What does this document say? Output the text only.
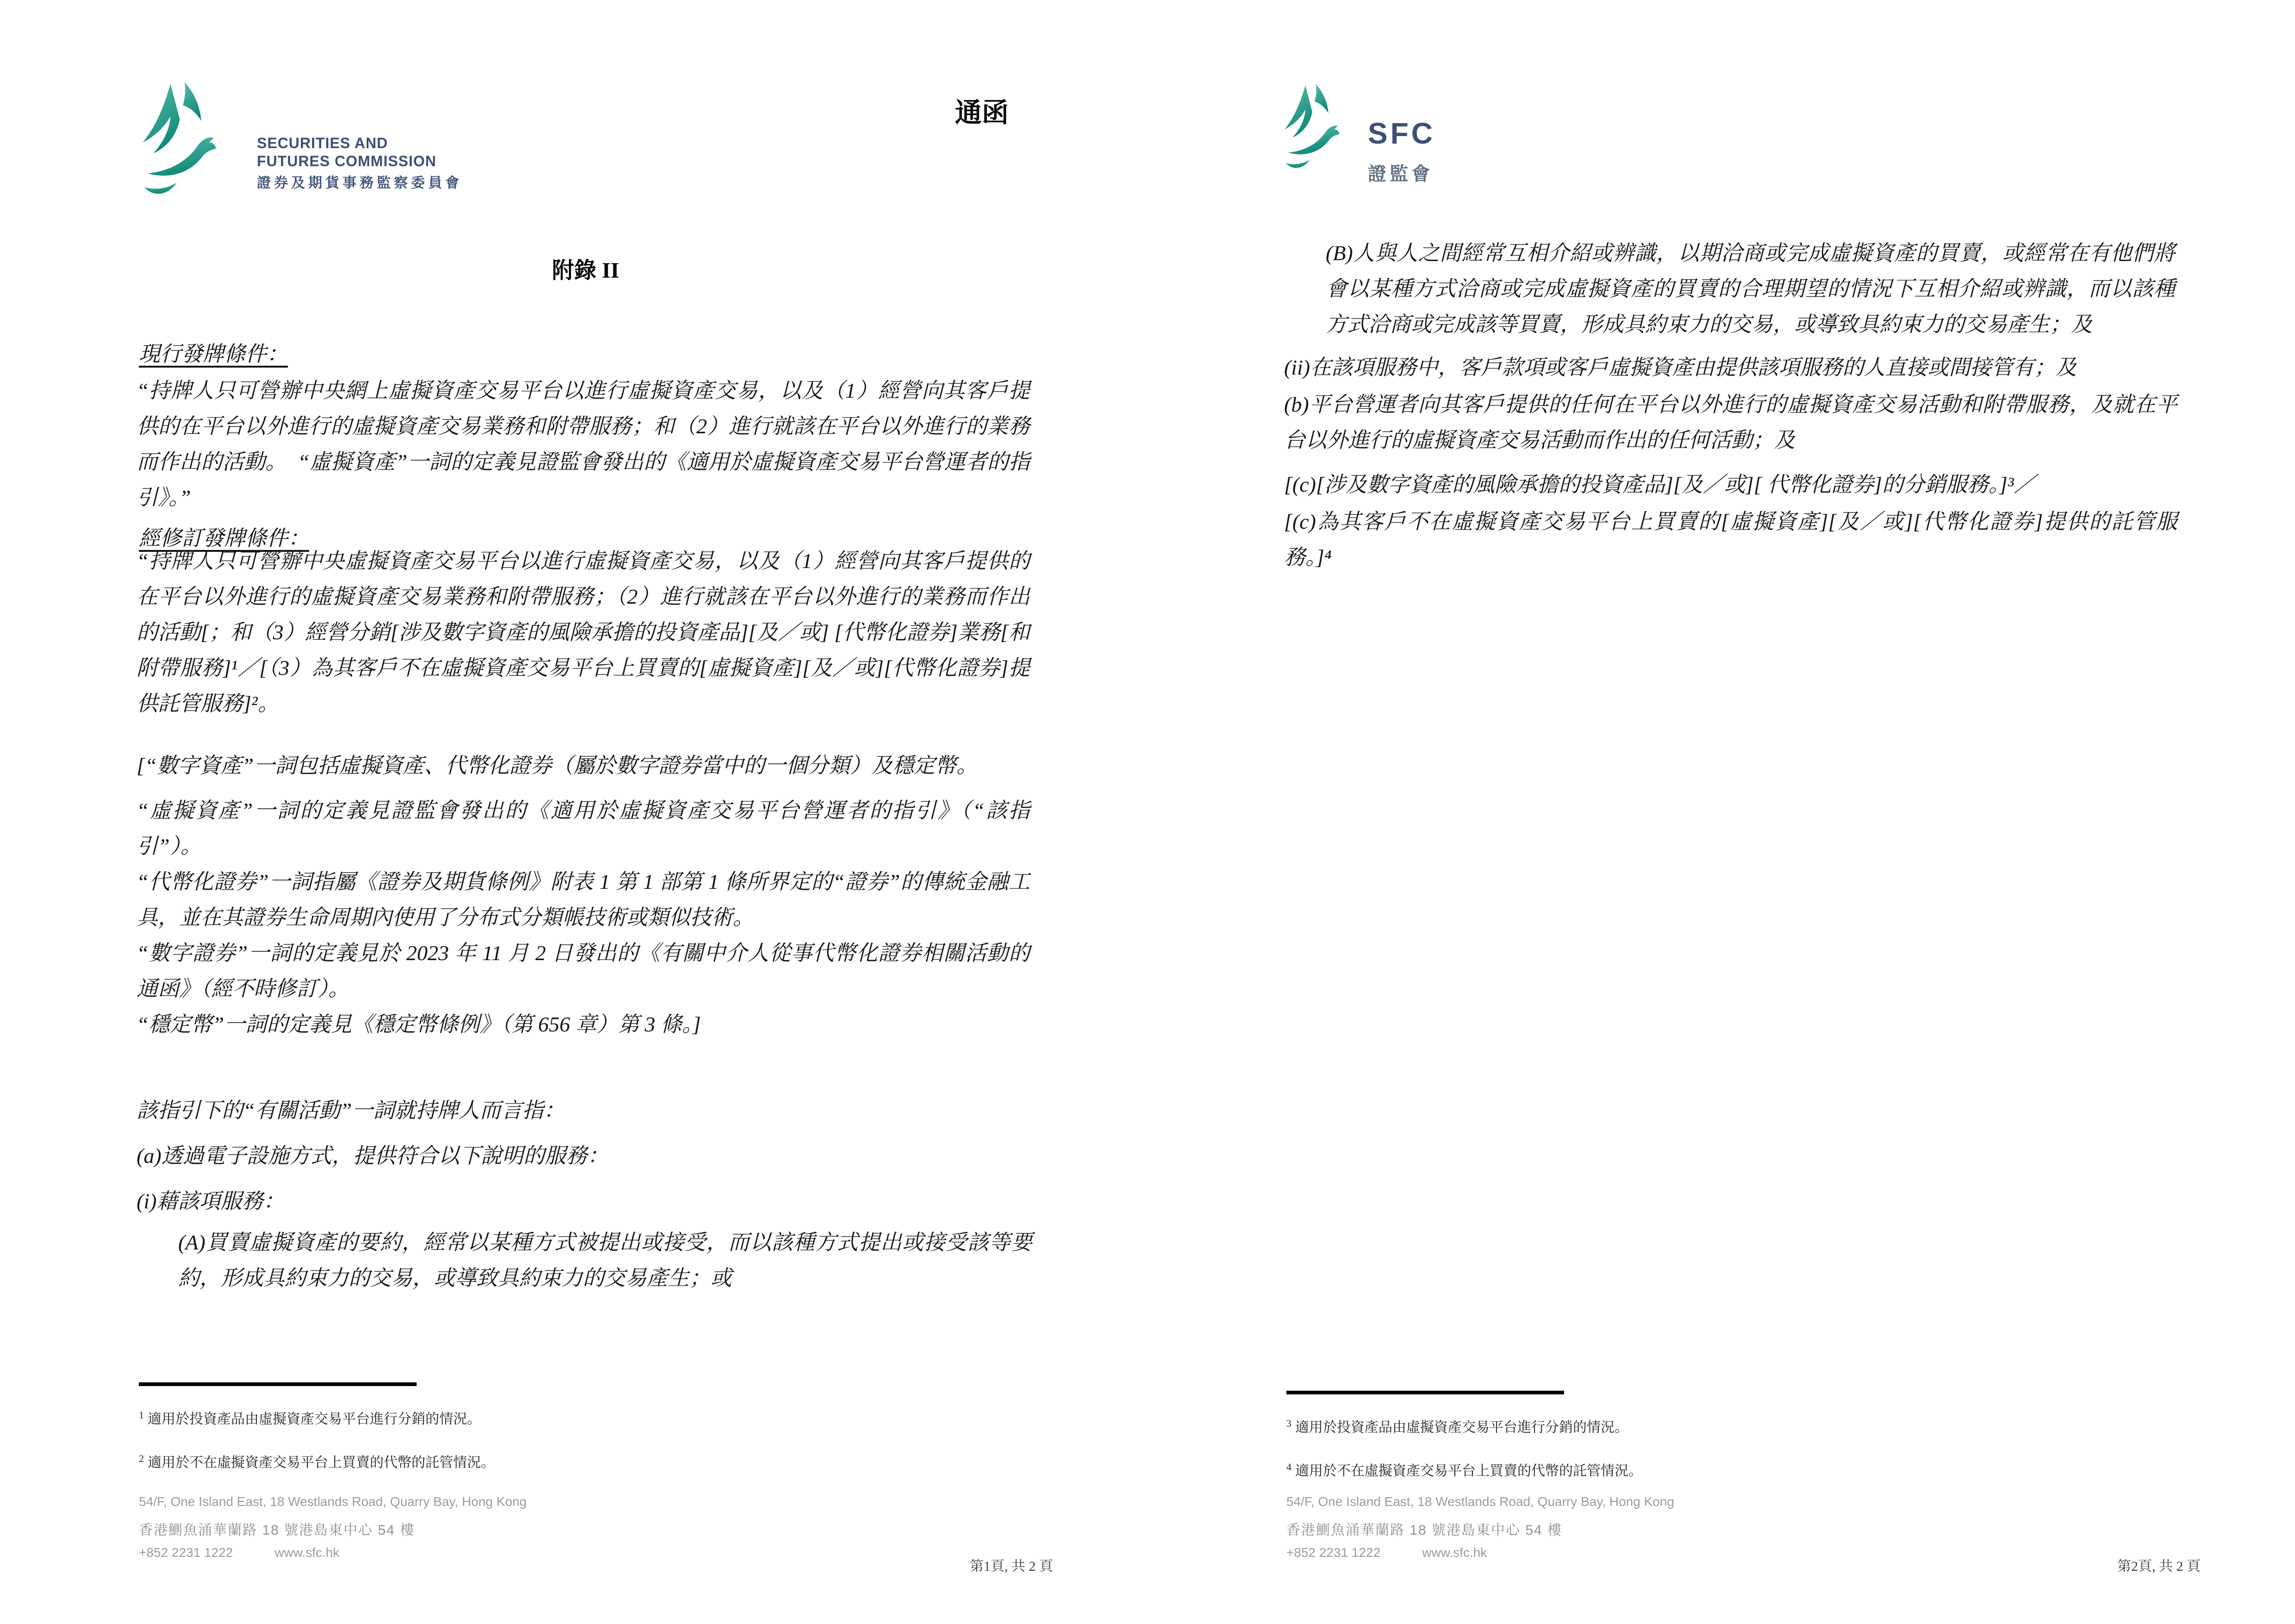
SECURITIES AND
FUTURES COMMISSION
證券及期貨事務監察委員會
通函
附錄 II
現行發牌條件：

“持牌人只可營辦中央網上虛擬資產交易平台以進行虛擬資產交易，以及（1）經營向其客戶提供的在平台以外進行的虛擬資產交易業務和附帶服務；和（2）進行就該在平台以外進行的業務而作出的活動。　“虛擬資產”一詞的定義見證監會發出的《適用於虛擬資產交易平台營運者的指引》。”

經修訂發牌條件：

“持牌人只可營辦中央虛擬資產交易平台以進行虛擬資產交易，以及（1）經營向其客戶提供的在平台以外進行的虛擬資產交易業務和附帶服務；（2）進行就該在平台以外進行的業務而作出的活動[；和（3）經營分銷[涉及數字資產的風險承擔的投資產品][及／或] [代幣化證券]業務[和附帶服務]¹／[（3）為其客戶不在虛擬資產交易平台上買賣的[虛擬資產][及／或][代幣化證券]提供託管服務]²。

[“數字資產”一詞包括虛擬資產、代幣化證券（屬於數字證券當中的一個分類）及穩定幣。

“虛擬資產”一詞的定義見證監會發出的《適用於虛擬資產交易平台營運者的指引》（“該指引”）。

“代幣化證券”一詞指屬《證券及期貨條例》附表 1 第 1 部第 1 條所界定的“證券”的傳統金融工具，並在其證券生命周期內使用了分布式分類帳技術或類似技術。

“數字證券”一詞的定義見於 2023 年 11 月 2 日發出的《有關中介人從事代幣化證券相關活動的通函》（經不時修訂）。

“穩定幣”一詞的定義見《穩定幣條例》（第 656 章）第 3 條。]

該指引下的“有關活動”一詞就持牌人而言指：
(a)透過電子設施方式，提供符合以下說明的服務：
(i)藉該項服務：

(A)買賣虛擬資產的要約，經常以某種方式被提出或接受，而以該種方式提出或接受該等要約，形成具約束力的交易，或導致具約束力的交易產生；或

$^1$ 適用於投資產品由虛擬資產交易平台進行分銷的情況。
$^2$ 適用於不在虛擬資產交易平台上買賣的代幣的託管情況。
54/F, One Island East, 18 Westlands Road, Quarry Bay, Hong Kong
香港鰂魚涌華蘭路 18 號港島東中心 54 樓
+852 2231 1222	www.sfc.hk
第1頁, 共 2 頁
SFC
證監會

(B)人與人之間經常互相介紹或辨識，以期洽商或完成虛擬資產的買賣，或經常在有他們將會以某種方式洽商或完成虛擬資產的買賣的合理期望的情況下互相介紹或辨識，而以該種方式洽商或完成該等買賣，形成具約束力的交易，或導致具約束力的交易產生；及

(ii)在該項服務中，客戶款項或客戶虛擬資產由提供該項服務的人直接或間接管有；及

(b)平台營運者向其客戶提供的任何在平台以外進行的虛擬資產交易活動和附帶服務，及就在平台以外進行的虛擬資產交易活動而作出的任何活動；及

[(c)[涉及數字資產的風險承擔的投資產品][及／或][ 代幣化證券]的分銷服務。]³／

[(c)為其客戶不在虛擬資產交易平台上買賣的[虛擬資產][及／或][代幣化證券]提供的託管服務。]⁴

$^3$ 適用於投資產品由虛擬資產交易平台進行分銷的情況。
$^4$ 適用於不在虛擬資產交易平台上買賣的代幣的託管情況。
54/F, One Island East, 18 Westlands Road, Quarry Bay, Hong Kong
香港鰂魚涌華蘭路 18 號港島東中心 54 樓
+852 2231 1222	www.sfc.hk
第2頁, 共 2 頁
